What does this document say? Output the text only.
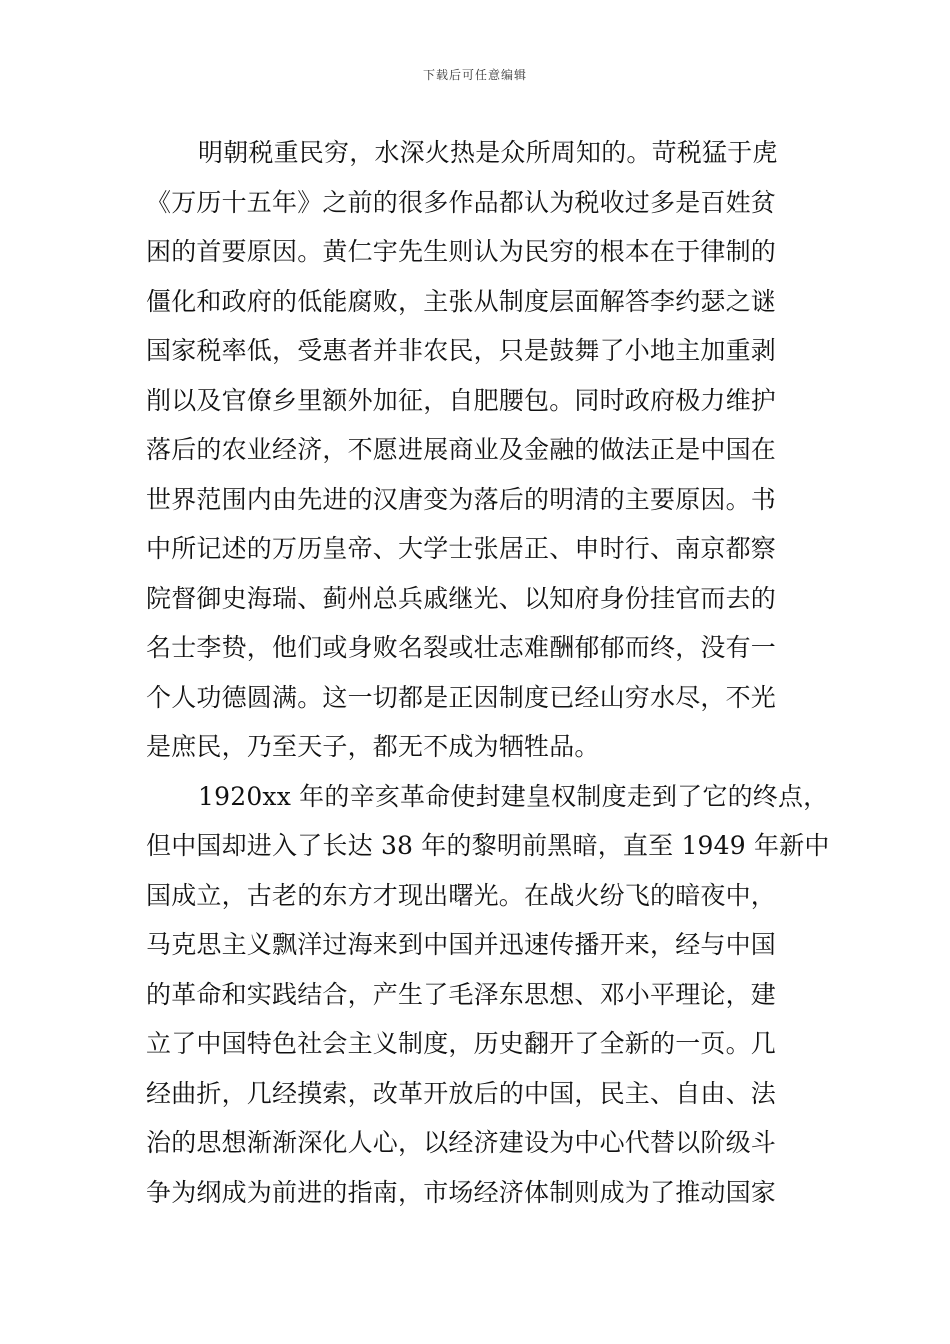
下载后可任意编辑
明朝税重民穷，水深火热是众所周知的。苛税猛于虎
《万历十五年》之前的很多作品都认为税收过多是百姓贫
困的首要原因。黄仁宇先生则认为民穷的根本在于律制的
僵化和政府的低能腐败，主张从制度层面解答李约瑟之谜
国家税率低，受惠者并非农民，只是鼓舞了小地主加重剥
削以及官僚乡里额外加征，自肥腰包。同时政府极力维护
落后的农业经济，不愿进展商业及金融的做法正是中国在
世界范围内由先进的汉唐变为落后的明清的主要原因。书
中所记述的万历皇帝、大学士张居正、申时行、南京都察
院督御史海瑞、蓟州总兵戚继光、以知府身份挂官而去的
名士李贽，他们或身败名裂或壮志难酬郁郁而终，没有一
个人功德圆满。这一切都是正因制度已经山穷水尽，不光
是庶民，乃至天子，都无不成为牺牲品。
1920xx 年的辛亥革命使封建皇权制度走到了它的终点，
但中国却进入了长达 38 年的黎明前黑暗，直至 1949 年新中
国成立，古老的东方才现出曙光。在战火纷飞的暗夜中，
马克思主义飘洋过海来到中国并迅速传播开来，经与中国
的革命和实践结合，产生了毛泽东思想、邓小平理论，建
立了中国特色社会主义制度，历史翻开了全新的一页。几
经曲折，几经摸索，改革开放后的中国，民主、自由、法
治的思想渐渐深化人心，以经济建设为中心代替以阶级斗
争为纲成为前进的指南，市场经济体制则成为了推动国家
